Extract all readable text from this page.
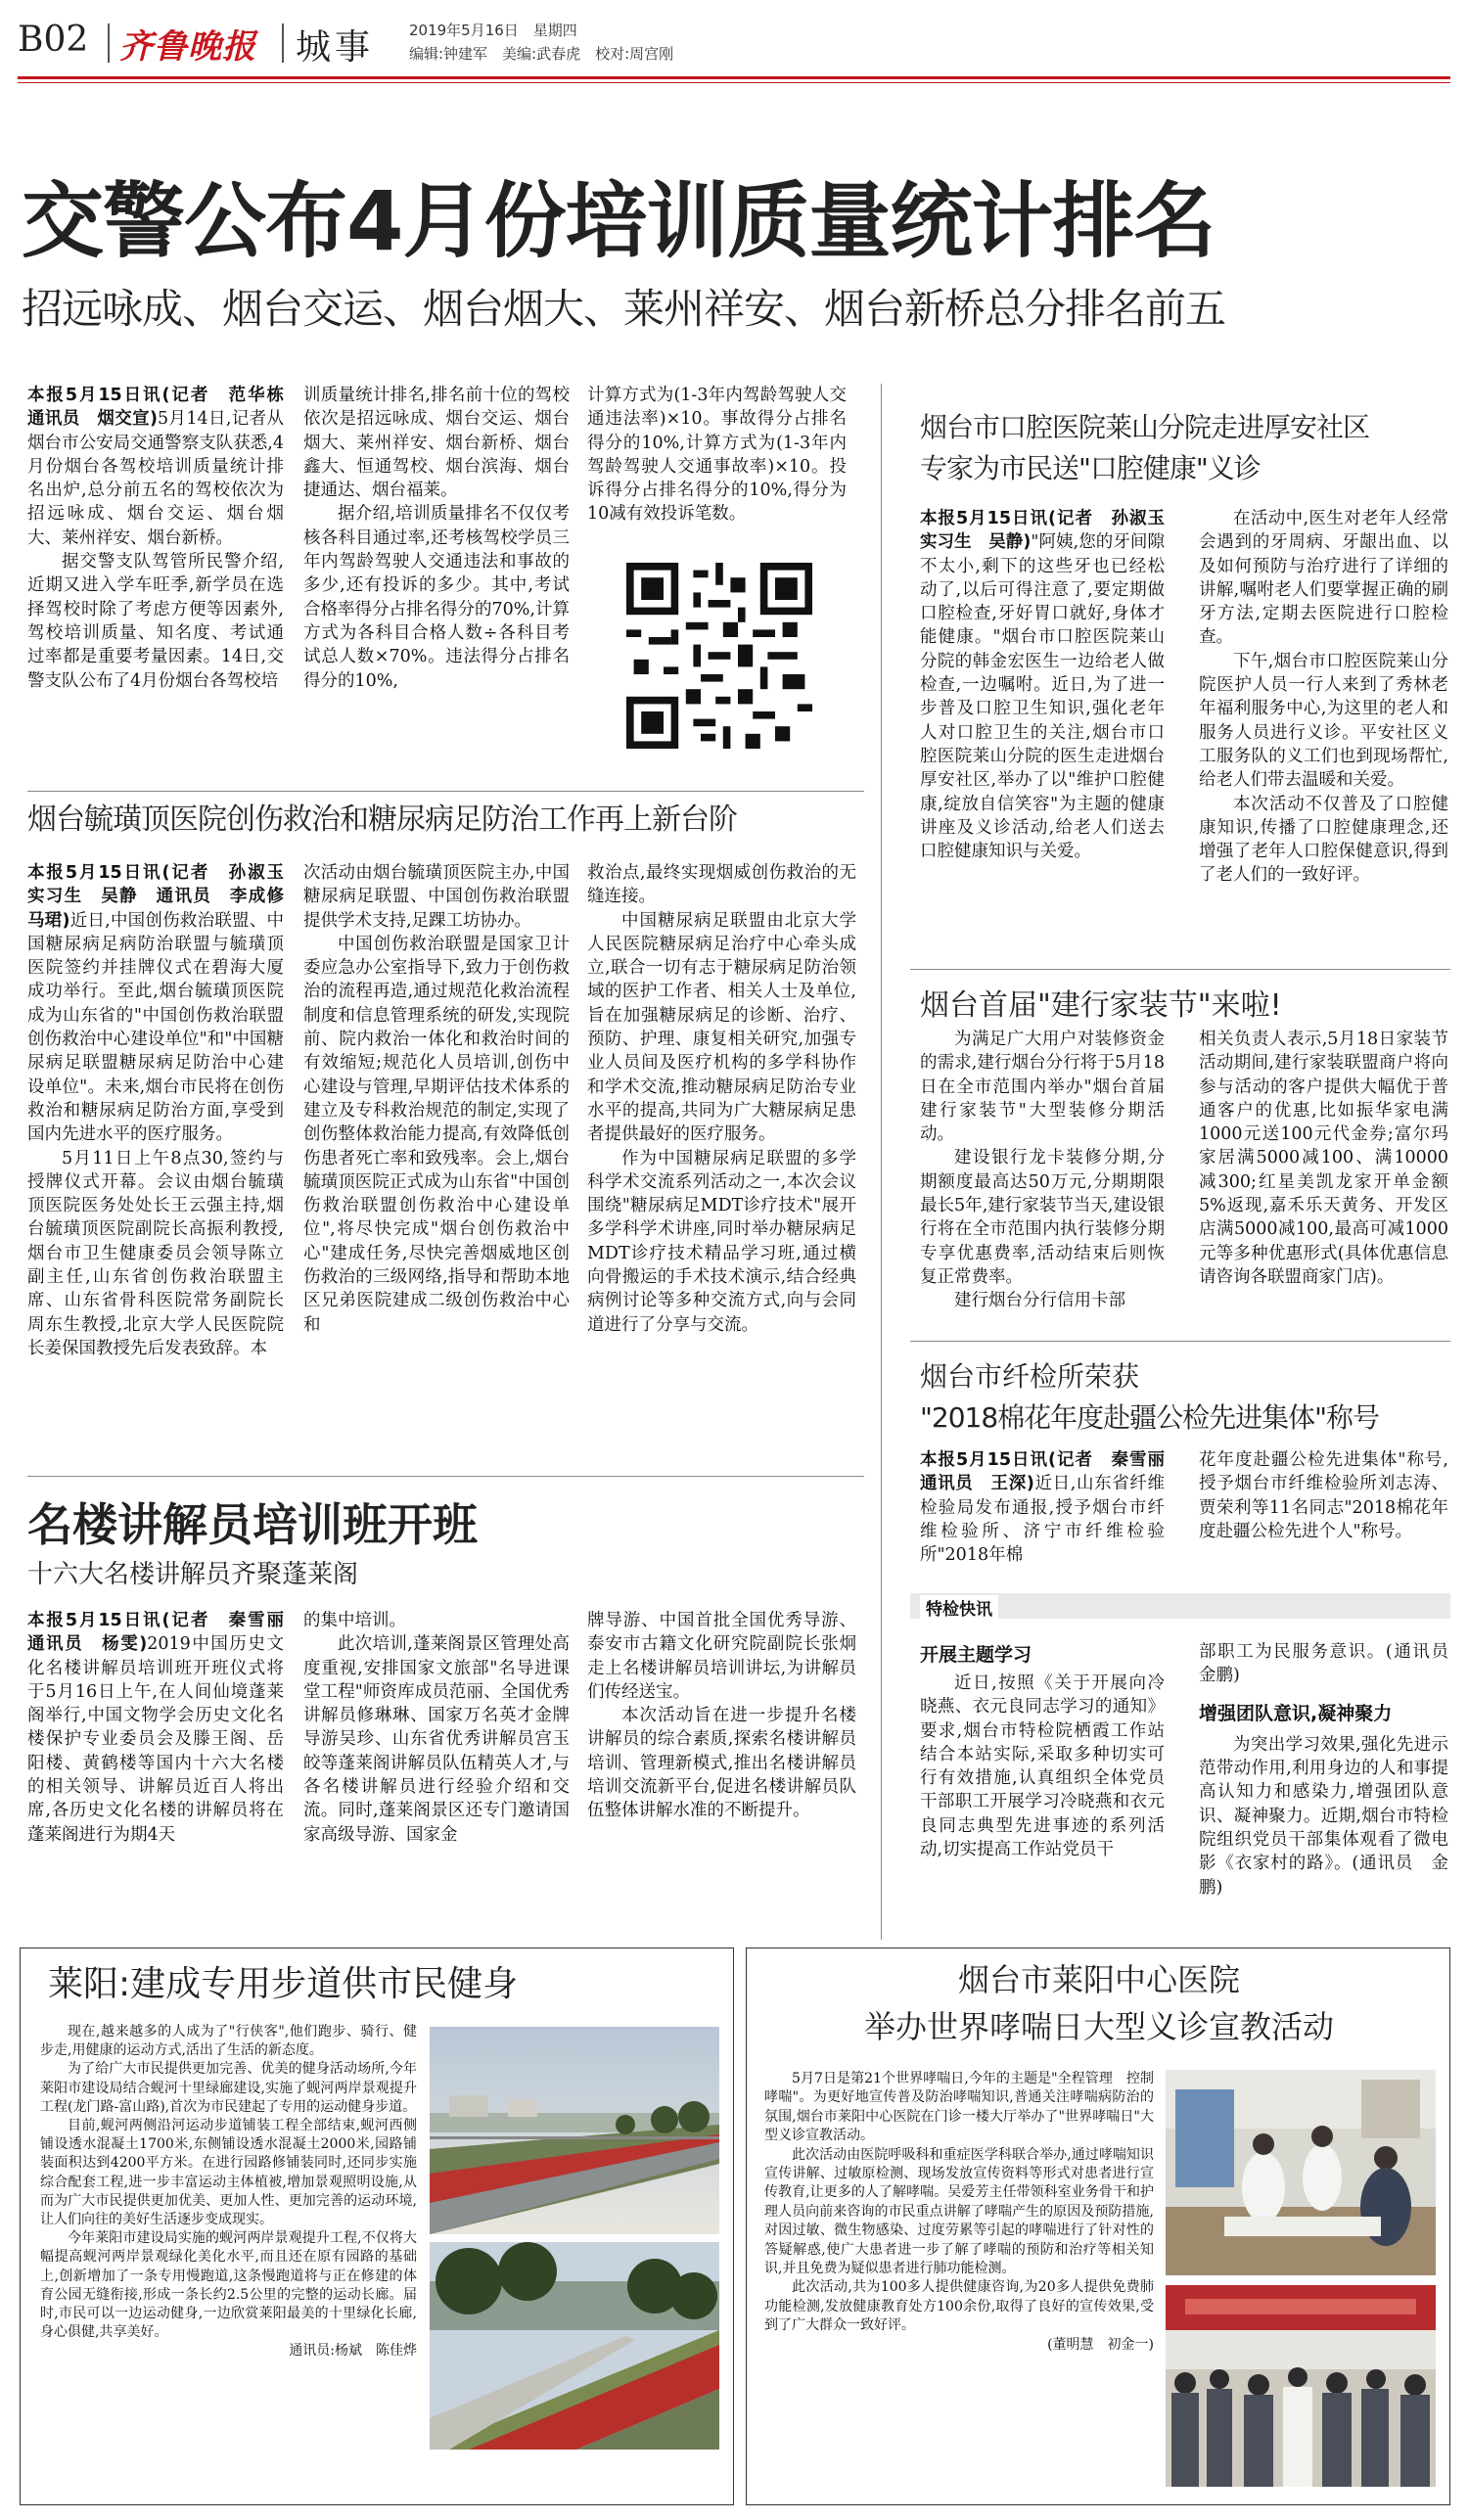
B02 齐鲁晚报 城事 2019年5月16日　星期四
编辑:钟建军　美编:武春虎　校对:周宫刚
交警公布4月份培训质量统计排名
招远咏成、烟台交运、烟台烟大、莱州祥安、烟台新桥总分排名前五

本报5月15日讯(记者　范华栋　通讯员　烟交宣)5月14日,记者从烟台市公安局交通警察支队获悉,4月份烟台各驾校培训质量统计排名出炉,总分前五名的驾校依次为招远咏成、烟台交运、烟台烟大、莱州祥安、烟台新桥。

据交警支队驾管所民警介绍,近期又进入学车旺季,新学员在选择驾校时除了考虑方便等因素外,驾校培训质量、知名度、考试通过率都是重要考量因素。14日,交警支队公布了4月份烟台各驾校培

训质量统计排名,排名前十位的驾校依次是招远咏成、烟台交运、烟台烟大、莱州祥安、烟台新桥、烟台鑫大、恒通驾校、烟台滨海、烟台捷通达、烟台福莱。

据介绍,培训质量排名不仅仅考核各科目通过率,还考核驾校学员三年内驾龄驾驶人交通违法和事故的多少,还有投诉的多少。其中,考试合格率得分占排名得分的70%,计算方式为各科目合格人数÷各科目考试总人数×70%。违法得分占排名得分的10%,

计算方式为(1-3年内驾龄驾驶人交通违法率)×10。事故得分占排名得分的10%,计算方式为(1-3年内驾龄驾驶人交通事故率)×10。投诉得分占排名得分的10%,得分为10减有效投诉笔数。

烟台毓璜顶医院创伤救治和糖尿病足防治工作再上新台阶

本报5月15日讯(记者　孙淑玉　实习生　吴静　通讯员　李成修　马珺)近日,中国创伤救治联盟、中国糖尿病足病防治联盟与毓璜顶医院签约并挂牌仪式在碧海大厦成功举行。至此,烟台毓璜顶医院成为山东省的"中国创伤救治联盟创伤救治中心建设单位"和"中国糖尿病足联盟糖尿病足防治中心建设单位"。未来,烟台市民将在创伤救治和糖尿病足防治方面,享受到国内先进水平的医疗服务。

5月11日上午8点30,签约与授牌仪式开幕。会议由烟台毓璜顶医院医务处处长王云强主持,烟台毓璜顶医院副院长高振利教授,烟台市卫生健康委员会领导陈立副主任,山东省创伤救治联盟主席、山东省骨科医院常务副院长周东生教授,北京大学人民医院院长姜保国教授先后发表致辞。本

次活动由烟台毓璜顶医院主办,中国糖尿病足联盟、中国创伤救治联盟提供学术支持,足踝工坊协办。

中国创伤救治联盟是国家卫计委应急办公室指导下,致力于创伤救治的流程再造,通过规范化救治流程制度和信息管理系统的研发,实现院前、院内救治一体化和救治时间的有效缩短;规范化人员培训,创伤中心建设与管理,早期评估技术体系的建立及专科救治规范的制定,实现了创伤整体救治能力提高,有效降低创伤患者死亡率和致残率。会上,烟台毓璜顶医院正式成为山东省"中国创伤救治联盟创伤救治中心建设单位",将尽快完成"烟台创伤救治中心"建成任务,尽快完善烟威地区创伤救治的三级网络,指导和帮助本地区兄弟医院建成二级创伤救治中心和

救治点,最终实现烟威创伤救治的无缝连接。

中国糖尿病足联盟由北京大学人民医院糖尿病足治疗中心牵头成立,联合一切有志于糖尿病足防治领域的医护工作者、相关人士及单位,旨在加强糖尿病足的诊断、治疗、预防、护理、康复相关研究,加强专业人员间及医疗机构的多学科协作和学术交流,推动糖尿病足防治专业水平的提高,共同为广大糖尿病足患者提供最好的医疗服务。

作为中国糖尿病足联盟的多学科学术交流系列活动之一,本次会议围绕"糖尿病足MDT诊疗技术"展开多学科学术讲座,同时举办糖尿病足MDT诊疗技术精品学习班,通过横向骨搬运的手术技术演示,结合经典病例讨论等多种交流方式,向与会同道进行了分享与交流。

名楼讲解员培训班开班
十六大名楼讲解员齐聚蓬莱阁

本报5月15日讯(记者　秦雪丽　通讯员　杨雯)2019中国历史文化名楼讲解员培训班开班仪式将于5月16日上午,在人间仙境蓬莱阁举行,中国文物学会历史文化名楼保护专业委员会及滕王阁、岳阳楼、黄鹤楼等国内十六大名楼的相关领导、讲解员近百人将出席,各历史文化名楼的讲解员将在蓬莱阁进行为期4天

的集中培训。

此次培训,蓬莱阁景区管理处高度重视,安排国家文旅部"名导进课堂工程"师资库成员范丽、全国优秀讲解员修琳琳、国家万名英才金牌导游吴珍、山东省优秀讲解员宫玉皎等蓬莱阁讲解员队伍精英人才,与各名楼讲解员进行经验介绍和交流。同时,蓬莱阁景区还专门邀请国家高级导游、国家金

牌导游、中国首批全国优秀导游、泰安市古籍文化研究院副院长张炯走上名楼讲解员培训讲坛,为讲解员们传经送宝。

本次活动旨在进一步提升名楼讲解员的综合素质,探索名楼讲解员培训、管理新模式,推出名楼讲解员培训交流新平台,促进名楼讲解员队伍整体讲解水准的不断提升。

烟台市口腔医院莱山分院走进厚安社区
专家为市民送"口腔健康"义诊

本报5月15日讯(记者　孙淑玉　实习生　吴静)"阿姨,您的牙间隙不太小,剩下的这些牙也已经松动了,以后可得注意了,要定期做口腔检查,牙好胃口就好,身体才能健康。"烟台市口腔医院莱山分院的韩金宏医生一边给老人做检查,一边嘱咐。近日,为了进一步普及口腔卫生知识,强化老年人对口腔卫生的关注,烟台市口腔医院莱山分院的医生走进烟台厚安社区,举办了以"维护口腔健康,绽放自信笑容"为主题的健康讲座及义诊活动,给老人们送去口腔健康知识与关爱。

在活动中,医生对老年人经常会遇到的牙周病、牙龈出血、以及如何预防与治疗进行了详细的讲解,嘱咐老人们要掌握正确的刷牙方法,定期去医院进行口腔检查。

下午,烟台市口腔医院莱山分院医护人员一行人来到了秀林老年福利服务中心,为这里的老人和服务人员进行义诊。平安社区义工服务队的义工们也到现场帮忙,给老人们带去温暖和关爱。

本次活动不仅普及了口腔健康知识,传播了口腔健康理念,还增强了老年人口腔保健意识,得到了老人们的一致好评。

烟台首届"建行家装节"来啦!

为满足广大用户对装修资金的需求,建行烟台分行将于5月18日在全市范围内举办"烟台首届建行家装节"大型装修分期活动。

建设银行龙卡装修分期,分期额度最高达50万元,分期期限最长5年,建行家装节当天,建设银行将在全市范围内执行装修分期专享优惠费率,活动结束后则恢复正常费率。

建行烟台分行信用卡部

相关负责人表示,5月18日家装节活动期间,建行家装联盟商户将向参与活动的客户提供大幅优于普通客户的优惠,比如振华家电满1000元送100元代金券;富尔玛家居满5000减100、满10000减300;红星美凯龙家开单金额5%返现,嘉禾乐天黄务、开发区店满5000减100,最高可减1000元等多种优惠形式(具体优惠信息请咨询各联盟商家门店)。

烟台市纤检所荣获
"2018棉花年度赴疆公检先进集体"称号

本报5月15日讯(记者　秦雪丽　通讯员　王深)近日,山东省纤维检验局发布通报,授予烟台市纤维检验所、济宁市纤维检验所"2018年棉

花年度赴疆公检先进集体"称号,授予烟台市纤维检验所刘志涛、贾荣利等11名同志"2018棉花年度赴疆公检先进个人"称号。

特检快讯
开展主题学习

近日,按照《关于开展向冷晓燕、衣元良同志学习的通知》要求,烟台市特检院栖霞工作站结合本站实际,采取多种切实可行有效措施,认真组织全体党员干部职工开展学习冷晓燕和衣元良同志典型先进事迹的系列活动,切实提高工作站党员干

部职工为民服务意识。(通讯员　金鹏)

增强团队意识,凝神聚力

为突出学习效果,强化先进示范带动作用,利用身边的人和事提高认知力和感染力,增强团队意识、凝神聚力。近期,烟台市特检院组织党员干部集体观看了微电影《衣家村的路》。(通讯员　金鹏)

莱阳:建成专用步道供市民健身

现在,越来越多的人成为了"行侠客",他们跑步、骑行、健步走,用健康的运动方式,活出了生活的新态度。

为了给广大市民提供更加完善、优美的健身活动场所,今年莱阳市建设局结合蚬河十里绿廊建设,实施了蚬河两岸景观提升工程(龙门路-富山路),首次为市民建起了专用的运动健身步道。

目前,蚬河两侧沿河运动步道铺装工程全部结束,蚬河西侧铺设透水混凝土1700米,东侧铺设透水混凝土2000米,园路铺装面积达到4200平方米。在进行园路修铺装同时,还同步实施综合配套工程,进一步丰富运动主体植被,增加景观照明设施,从而为广大市民提供更加优美、更加人性、更加完善的运动环境,让人们向往的美好生活逐步变成现实。

今年莱阳市建设局实施的蚬河两岸景观提升工程,不仅将大幅提高蚬河两岸景观绿化美化水平,而且还在原有园路的基础上,创新增加了一条专用慢跑道,这条慢跑道将与正在修建的体育公园无缝衔接,形成一条长约2.5公里的完整的运动长廊。届时,市民可以一边运动健身,一边欣赏莱阳最美的十里绿化长廊,身心俱健,共享美好。

通讯员:杨斌　陈佳烨

烟台市莱阳中心医院
举办世界哮喘日大型义诊宣教活动

5月7日是第21个世界哮喘日,今年的主题是"全程管理　控制哮喘"。为更好地宣传普及防治哮喘知识,普通关注哮喘病防治的氛围,烟台市莱阳中心医院在门诊一楼大厅举办了"世界哮喘日"大型义诊宣教活动。

此次活动由医院呼吸科和重症医学科联合举办,通过哮喘知识宣传讲解、过敏原检测、现场发放宣传资料等形式对患者进行宣传教育,让更多的人了解哮喘。吴爱芳主任带领科室业务骨干和护理人员向前来咨询的市民重点讲解了哮喘产生的原因及预防措施,对因过敏、微生物感染、过度劳累等引起的哮喘进行了针对性的答疑解惑,使广大患者进一步了解了哮喘的预防和治疗等相关知识,并且免费为疑似患者进行肺功能检测。

此次活动,共为100多人提供健康咨询,为20多人提供免费肺功能检测,发放健康教育处方100余份,取得了良好的宣传效果,受到了广大群众一致好评。

(董明慧　初金一)
